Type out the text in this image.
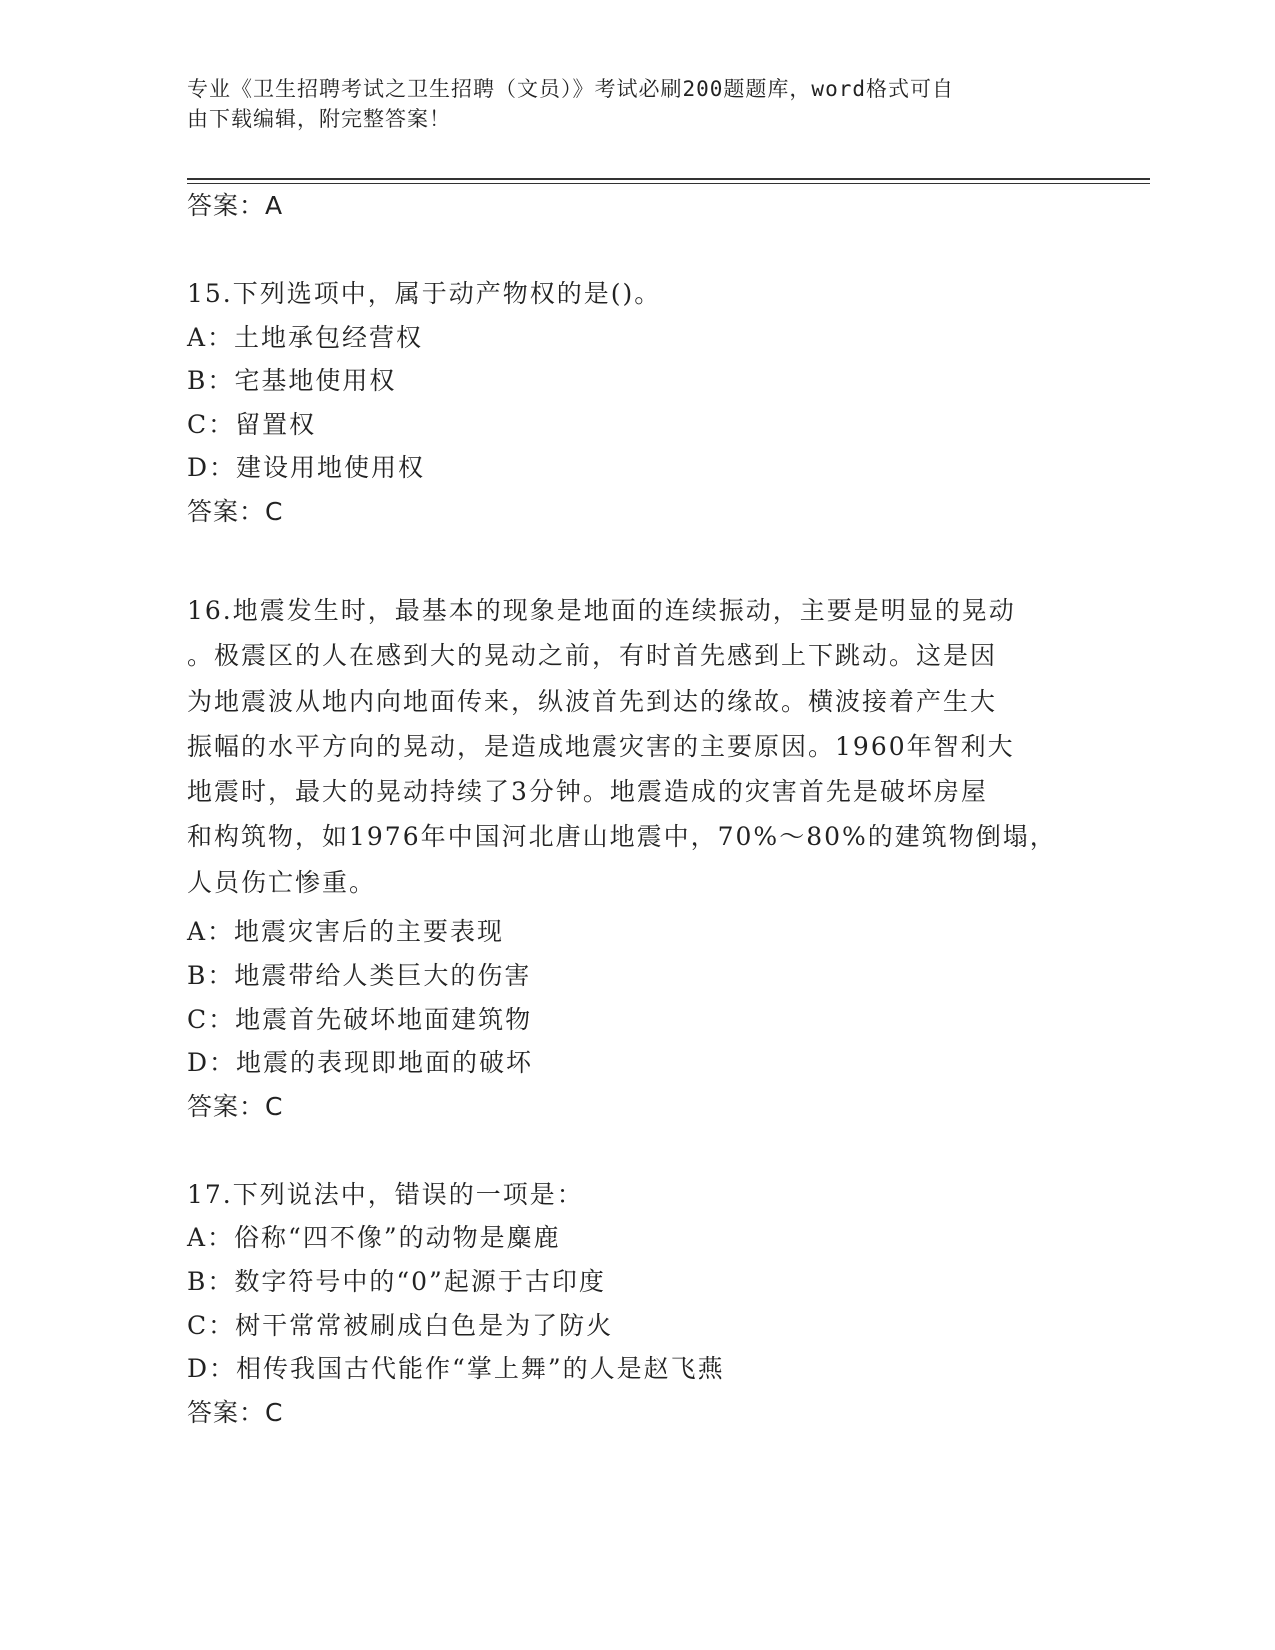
专业《卫生招聘考试之卫生招聘（文员）》考试必刷200题题库，word格式可自
由下载编辑，附完整答案！
答案：A
15.下列选项中，属于动产物权的是()。
A：土地承包经营权
B：宅基地使用权
C：留置权
D：建设用地使用权
答案：C
16.地震发生时，最基本的现象是地面的连续振动，主要是明显的晃动
。极震区的人在感到大的晃动之前，有时首先感到上下跳动。这是因
为地震波从地内向地面传来，纵波首先到达的缘故。横波接着产生大
振幅的水平方向的晃动，是造成地震灾害的主要原因。1960年智利大
地震时，最大的晃动持续了3分钟。地震造成的灾害首先是破坏房屋
和构筑物，如1976年中国河北唐山地震中，70%～80%的建筑物倒塌，
人员伤亡惨重。
A：地震灾害后的主要表现
B：地震带给人类巨大的伤害
C：地震首先破坏地面建筑物
D：地震的表现即地面的破坏
答案：C
17.下列说法中，错误的一项是：
A：俗称“四不像”的动物是麋鹿
B：数字符号中的“0”起源于古印度
C：树干常常被刷成白色是为了防火
D：相传我国古代能作“掌上舞”的人是赵飞燕
答案：C
